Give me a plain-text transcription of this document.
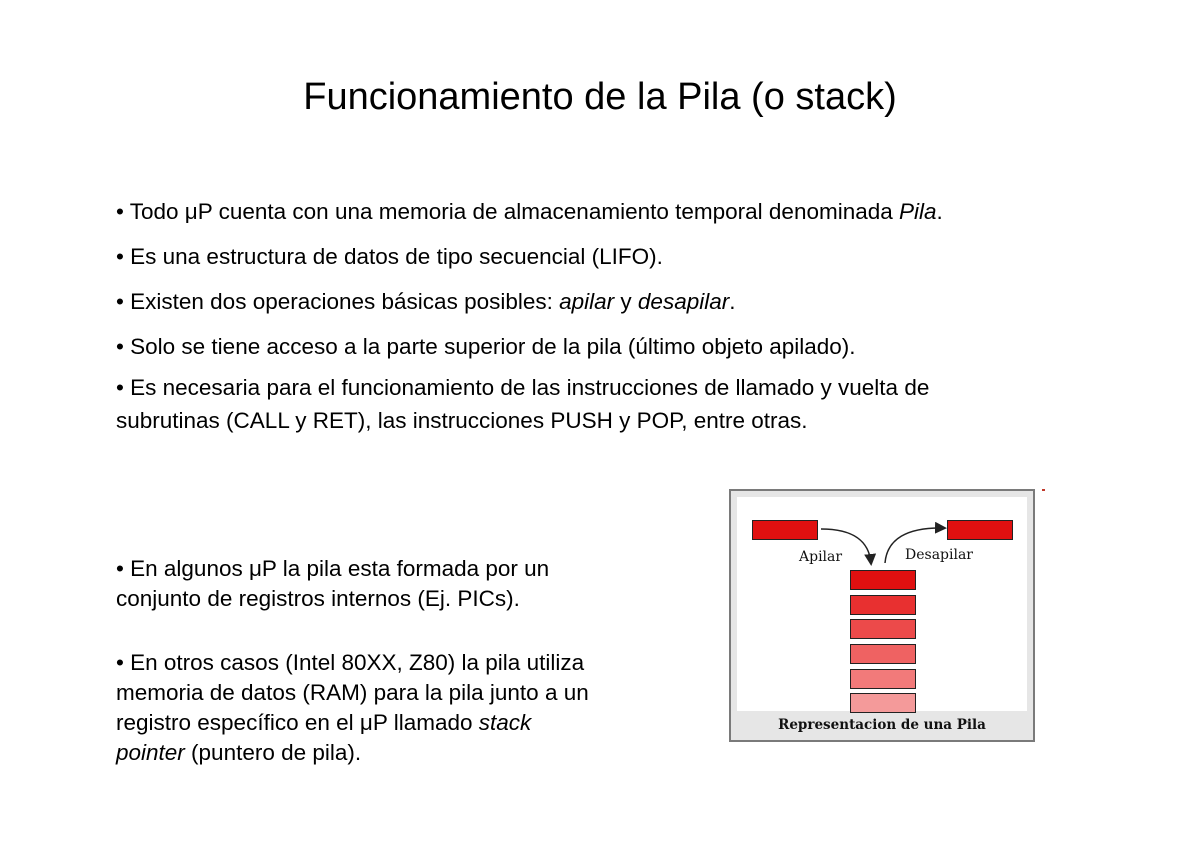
Funcionamiento de la Pila (o stack)

• Todo μP cuenta con una memoria de almacenamiento temporal denominada Pila.

• Es una estructura de datos de tipo secuencial (LIFO).

• Existen dos operaciones básicas posibles: apilar y desapilar.

• Solo se tiene acceso a la parte superior de la pila (último objeto apilado).

• Es necesaria para el funcionamiento de las instrucciones de llamado y vuelta de
subrutinas (CALL y RET), las instrucciones PUSH y POP, entre otras.

• En algunos μP la pila esta formada por un
conjunto de registros internos (Ej. PICs).

• En otros casos (Intel 80XX, Z80) la pila utiliza
memoria de datos (RAM) para la pila junto a un
registro específico en el μP llamado stack
pointer (puntero de pila).

Apilar	Desapilar
Representacion de una Pila
